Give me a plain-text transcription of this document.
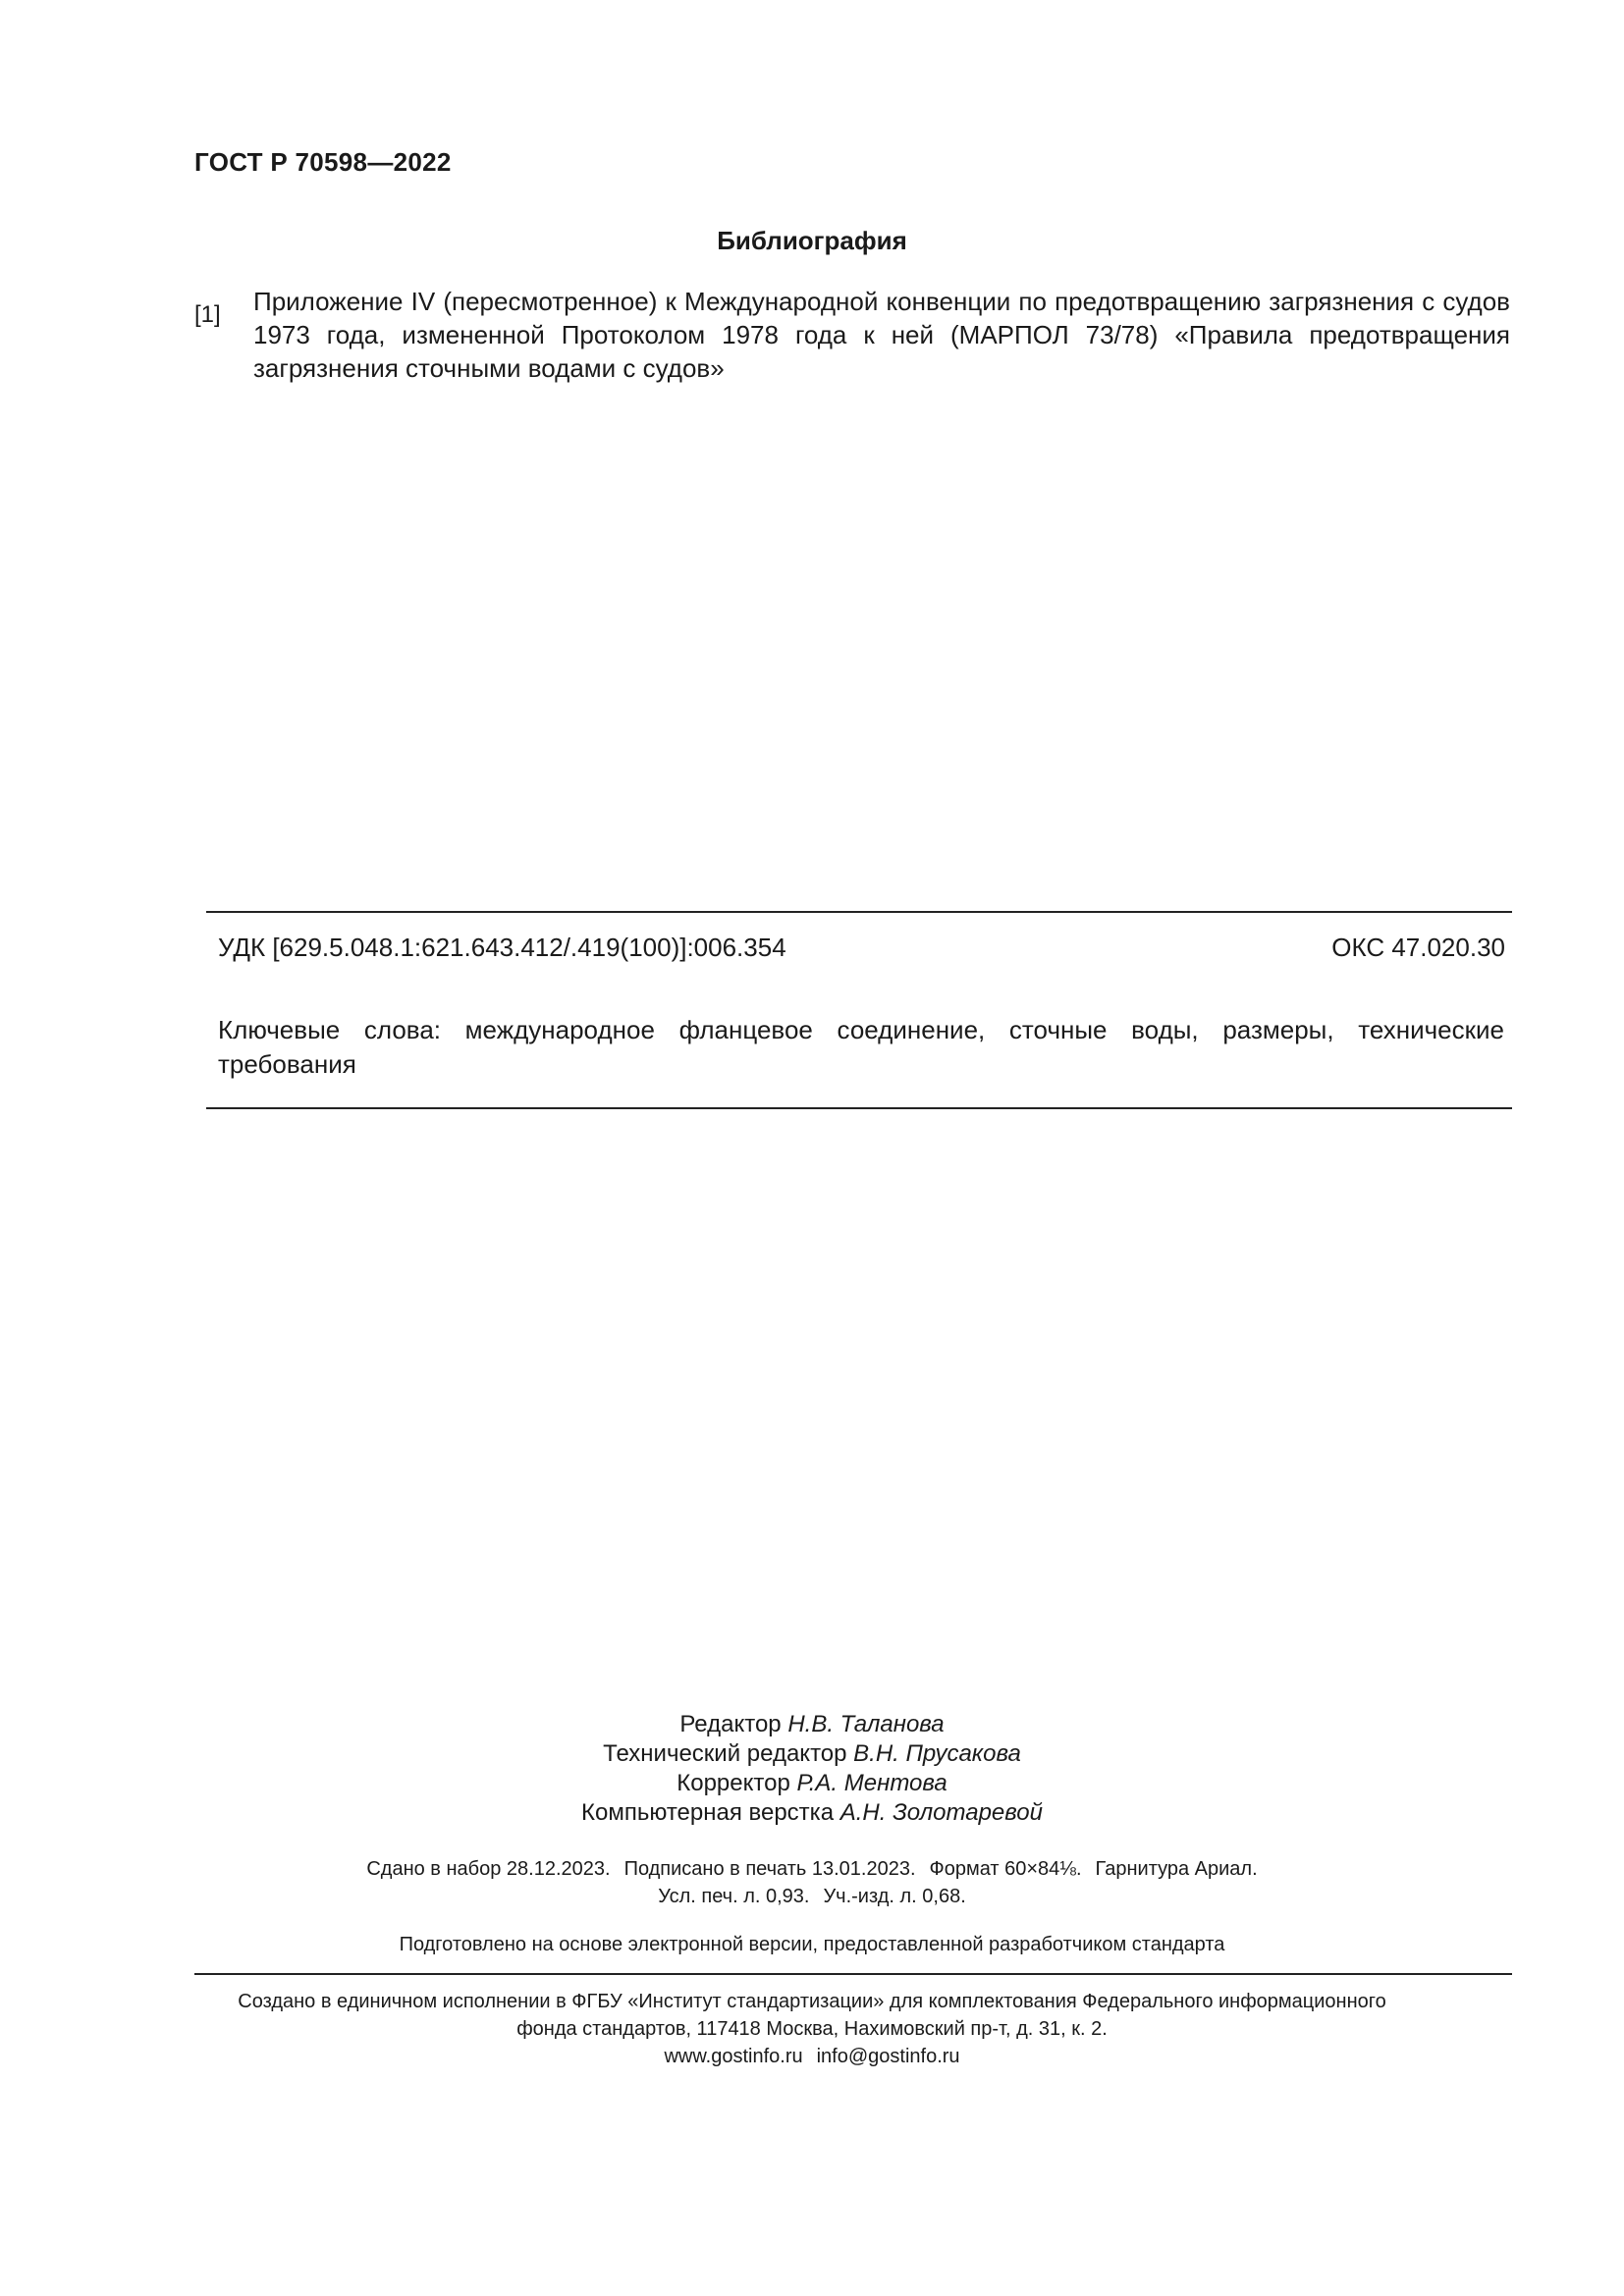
ГОСТ Р 70598—2022
Библиография
[1] Приложение IV (пересмотренное) к Международной конвенции по предотвращению загрязнения с судов 1973 года, измененной Протоколом 1978 года к ней (МАРПОЛ 73/78) «Правила предотвращения загрязнения сточными водами с судов»
УДК [629.5.048.1:621.643.412/.419(100)]:006.354	ОКС 47.020.30
Ключевые слова: международное фланцевое соединение, сточные воды, размеры, технические
требования
Редактор Н.В. Таланова
Технический редактор В.Н. Прусакова
Корректор Р.А. Ментова
Компьютерная верстка А.Н. Золотаревой
Сдано в набор 28.12.2023. Подписано в печать 13.01.2023. Формат 60×84⅛. Гарнитура Ариал.
Усл. печ. л. 0,93. Уч.-изд. л. 0,68.
Подготовлено на основе электронной версии, предоставленной разработчиком стандарта
Создано в единичном исполнении в ФГБУ «Институт стандартизации» для комплектования Федерального информационного
фонда стандартов, 117418 Москва, Нахимовский пр-т, д. 31, к. 2.
www.gostinfo.ru info@gostinfo.ru
